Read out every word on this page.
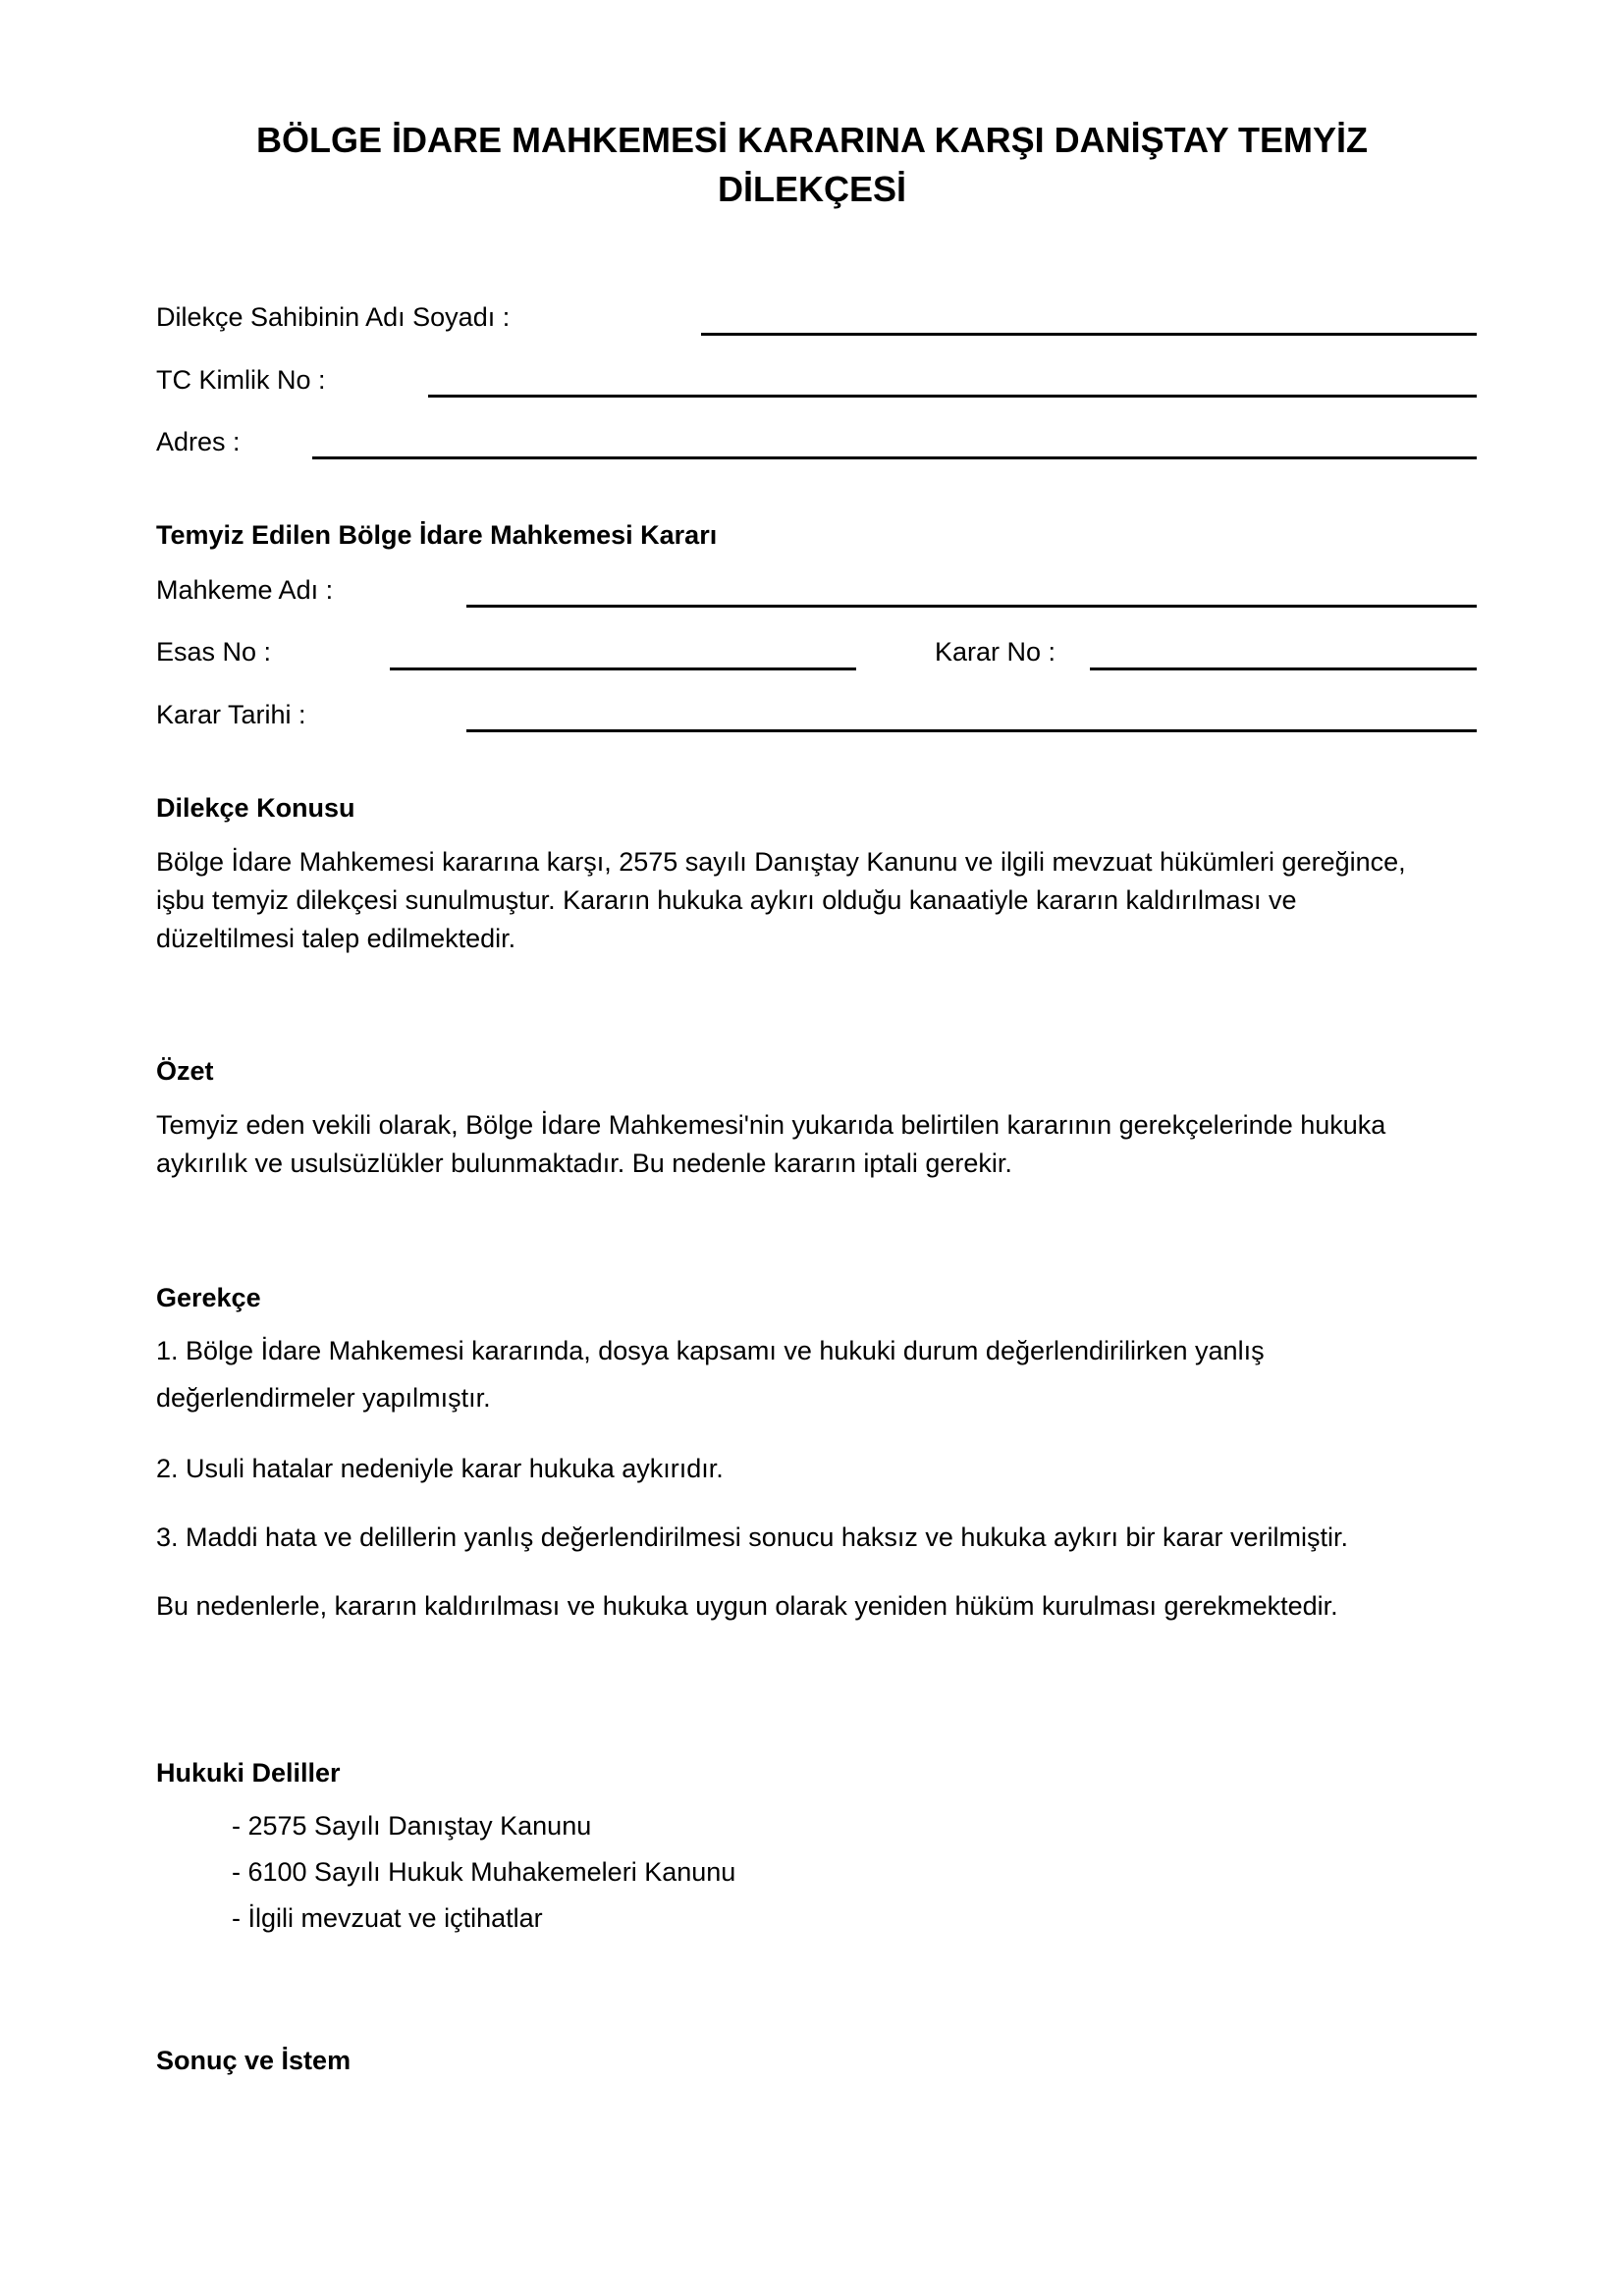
BÖLGE İDARE MAHKEMESİ KARARINA KARŞI DANİŞTAY TEMYİZ
DİLEKÇESİ
Dilekçe Sahibinin Adı Soyadı :
TC Kimlik No :
Adres :
Temyiz Edilen Bölge İdare Mahkemesi Kararı
Mahkeme Adı :
Esas No :	Karar No :
Karar Tarihi :
Dilekçe Konusu
Bölge İdare Mahkemesi kararına karşı, 2575 sayılı Danıştay Kanunu ve ilgili mevzuat hükümleri gereğince,
işbu temyiz dilekçesi sunulmuştur. Kararın hukuka aykırı olduğu kanaatiyle kararın kaldırılması ve
düzeltilmesi talep edilmektedir.
Özet
Temyiz eden vekili olarak, Bölge İdare Mahkemesi'nin yukarıda belirtilen kararının gerekçelerinde hukuka
aykırılık ve usulsüzlükler bulunmaktadır. Bu nedenle kararın iptali gerekir.
Gerekçe
1. Bölge İdare Mahkemesi kararında, dosya kapsamı ve hukuki durum değerlendirilirken yanlış
değerlendirmeler yapılmıştır.
2. Usuli hatalar nedeniyle karar hukuka aykırıdır.
3. Maddi hata ve delillerin yanlış değerlendirilmesi sonucu haksız ve hukuka aykırı bir karar verilmiştir.
Bu nedenlerle, kararın kaldırılması ve hukuka uygun olarak yeniden hüküm kurulması gerekmektedir.
Hukuki Deliller
- 2575 Sayılı Danıştay Kanunu
- 6100 Sayılı Hukuk Muhakemeleri Kanunu
- İlgili mevzuat ve içtihatlar
Sonuç ve İstem
